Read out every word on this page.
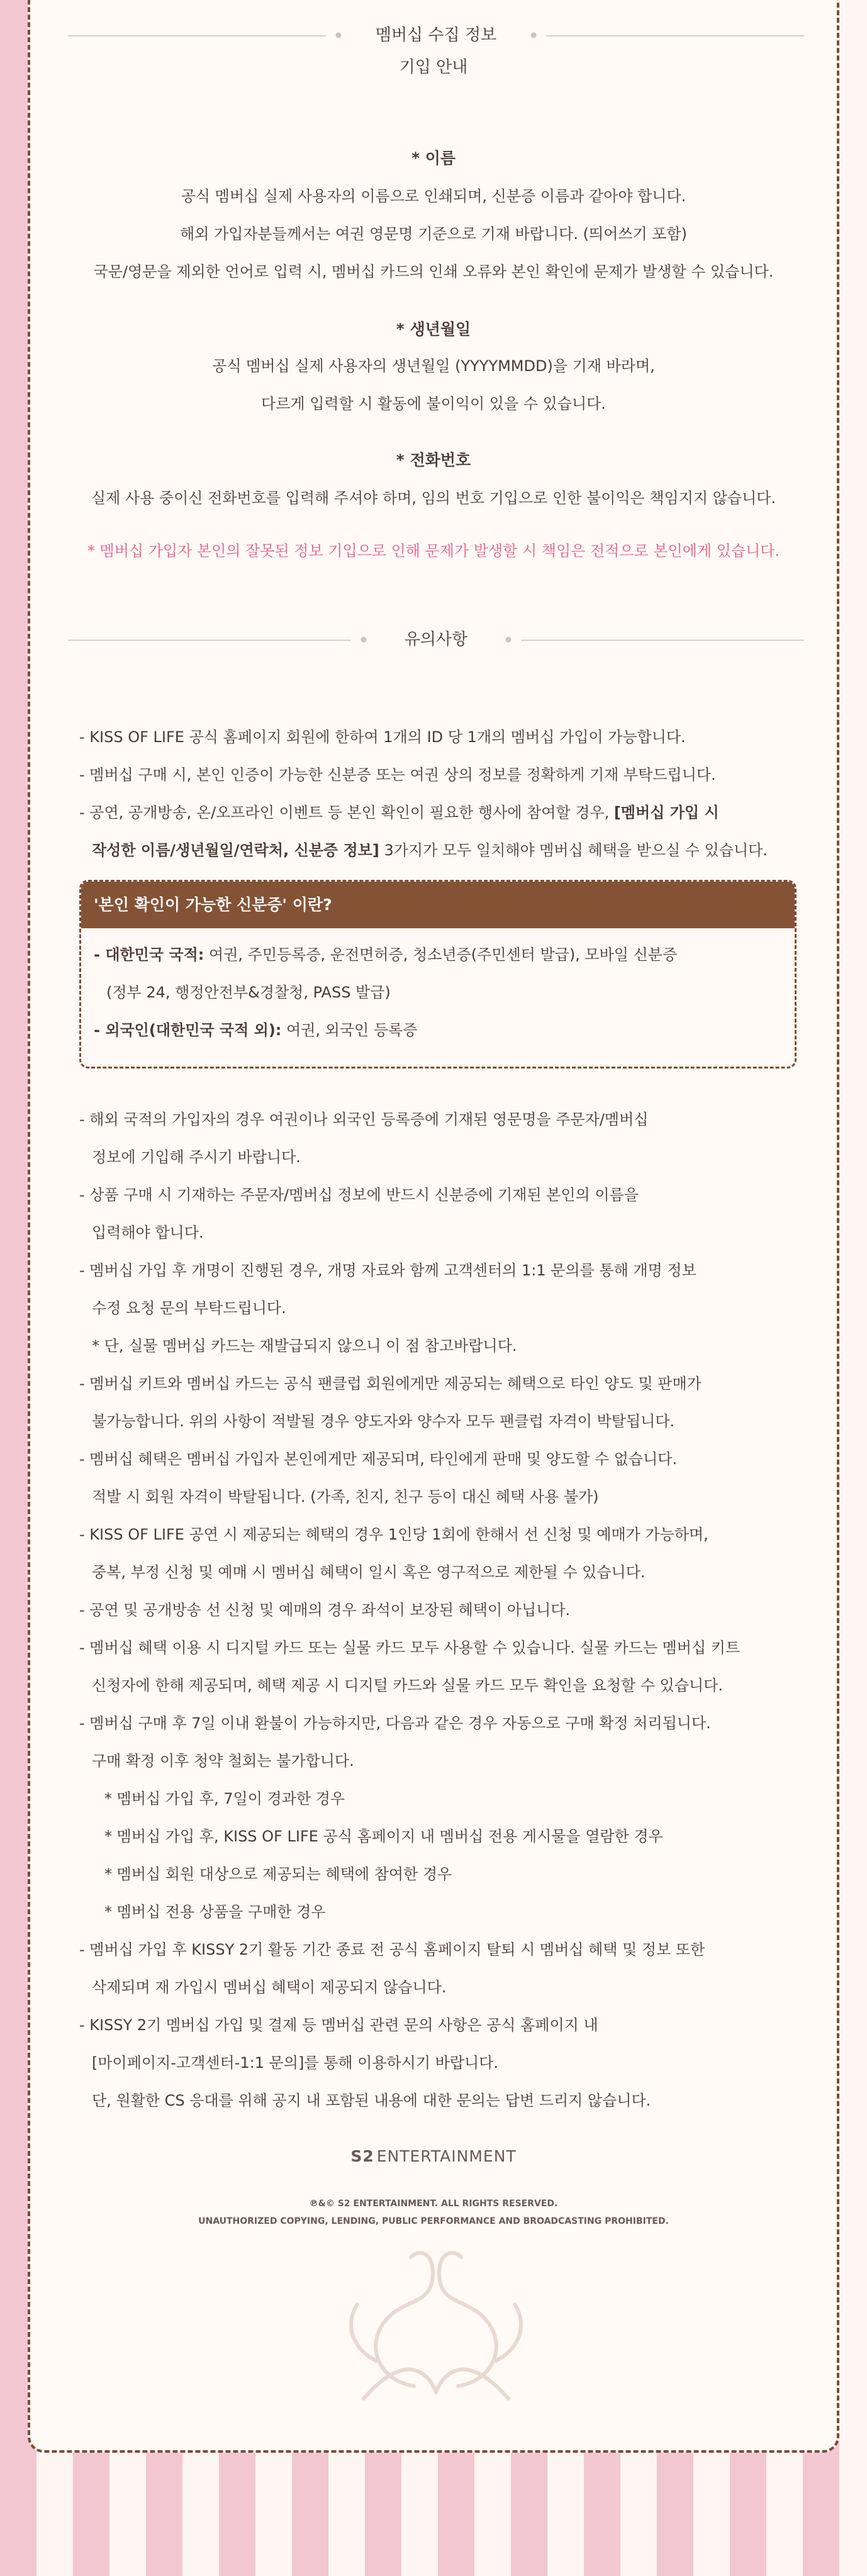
멤버십 수집 정보
기입 안내
* 이름
공식 멤버십 실제 사용자의 이름으로 인쇄되며, 신분증 이름과 같아야 합니다.
해외 가입자분들께서는 여권 영문명 기준으로 기재 바랍니다. (띄어쓰기 포함)
국문/영문을 제외한 언어로 입력 시, 멤버십 카드의 인쇄 오류와 본인 확인에 문제가 발생할 수 있습니다.
* 생년월일
공식 멤버십 실제 사용자의 생년월일 (YYYYMMDD)을 기재 바라며,
다르게 입력할 시 활동에 불이익이 있을 수 있습니다.
* 전화번호
실제 사용 중이신 전화번호를 입력해 주셔야 하며, 임의 번호 기입으로 인한 불이익은 책임지지 않습니다.
* 멤버십 가입자 본인의 잘못된 정보 기입으로 인해 문제가 발생할 시 책임은 전적으로 본인에게 있습니다.
유의사항
- KISS OF LIFE 공식 홈페이지 회원에 한하여 1개의 ID 당 1개의 멤버십 가입이 가능합니다.
- 멤버십 구매 시, 본인 인증이 가능한 신분증 또는 여권 상의 정보를 정확하게 기재 부탁드립니다.
- 공연, 공개방송, 온/오프라인 이벤트 등 본인 확인이 필요한 행사에 참여할 경우, [멤버십 가입 시
작성한 이름/생년월일/연락처, 신분증 정보] 3가지가 모두 일치해야 멤버십 혜택을 받으실 수 있습니다.
'본인 확인이 가능한 신분증' 이란?
- 대한민국 국적: 여권, 주민등록증, 운전면허증, 청소년증(주민센터 발급), 모바일 신분증
(정부 24, 행정안전부&경찰청, PASS 발급)
- 외국인(대한민국 국적 외): 여권, 외국인 등록증
- 해외 국적의 가입자의 경우 여권이나 외국인 등록증에 기재된 영문명을 주문자/멤버십
정보에 기입해 주시기 바랍니다.
- 상품 구매 시 기재하는 주문자/멤버십 정보에 반드시 신분증에 기재된 본인의 이름을
입력해야 합니다.
- 멤버십 가입 후 개명이 진행된 경우, 개명 자료와 함께 고객센터의 1:1 문의를 통해 개명 정보
수정 요청 문의 부탁드립니다.
* 단, 실물 멤버십 카드는 재발급되지 않으니 이 점 참고바랍니다.
- 멤버십 키트와 멤버십 카드는 공식 팬클럽 회원에게만 제공되는 혜택으로 타인 양도 및 판매가
불가능합니다. 위의 사항이 적발될 경우 양도자와 양수자 모두 팬클럽 자격이 박탈됩니다.
- 멤버십 혜택은 멤버십 가입자 본인에게만 제공되며, 타인에게 판매 및 양도할 수 없습니다.
적발 시 회원 자격이 박탈됩니다. (가족, 친지, 친구 등이 대신 혜택 사용 불가)
- KISS OF LIFE 공연 시 제공되는 혜택의 경우 1인당 1회에 한해서 선 신청 및 예매가 가능하며,
중복, 부정 신청 및 예매 시 멤버십 혜택이 일시 혹은 영구적으로 제한될 수 있습니다.
- 공연 및 공개방송 선 신청 및 예매의 경우 좌석이 보장된 혜택이 아닙니다.
- 멤버십 혜택 이용 시 디지털 카드 또는 실물 카드 모두 사용할 수 있습니다. 실물 카드는 멤버십 키트
신청자에 한해 제공되며, 혜택 제공 시 디지털 카드와 실물 카드 모두 확인을 요청할 수 있습니다.
- 멤버십 구매 후 7일 이내 환불이 가능하지만, 다음과 같은 경우 자동으로 구매 확정 처리됩니다.
구매 확정 이후 청약 철회는 불가합니다.
* 멤버십 가입 후, 7일이 경과한 경우
* 멤버십 가입 후, KISS OF LIFE 공식 홈페이지 내 멤버십 전용 게시물을 열람한 경우
* 멤버십 회원 대상으로 제공되는 혜택에 참여한 경우
* 멤버십 전용 상품을 구매한 경우
- 멤버십 가입 후 KISSY 2기 활동 기간 종료 전 공식 홈페이지 탈퇴 시 멤버십 혜택 및 정보 또한
삭제되며 재 가입시 멤버십 혜택이 제공되지 않습니다.
- KISSY 2기 멤버십 가입 및 결제 등 멤버십 관련 문의 사항은 공식 홈페이지 내
[마이페이지-고객센터-1:1 문의]를 통해 이용하시기 바랍니다.
단, 원활한 CS 응대를 위해 공지 내 포함된 내용에 대한 문의는 답변 드리지 않습니다.
S2 ENTERTAINMENT
℗&© S2 ENTERTAINMENT. ALL RIGHTS RESERVED.
UNAUTHORIZED COPYING, LENDING, PUBLIC PERFORMANCE AND BROADCASTING PROHIBITED.
